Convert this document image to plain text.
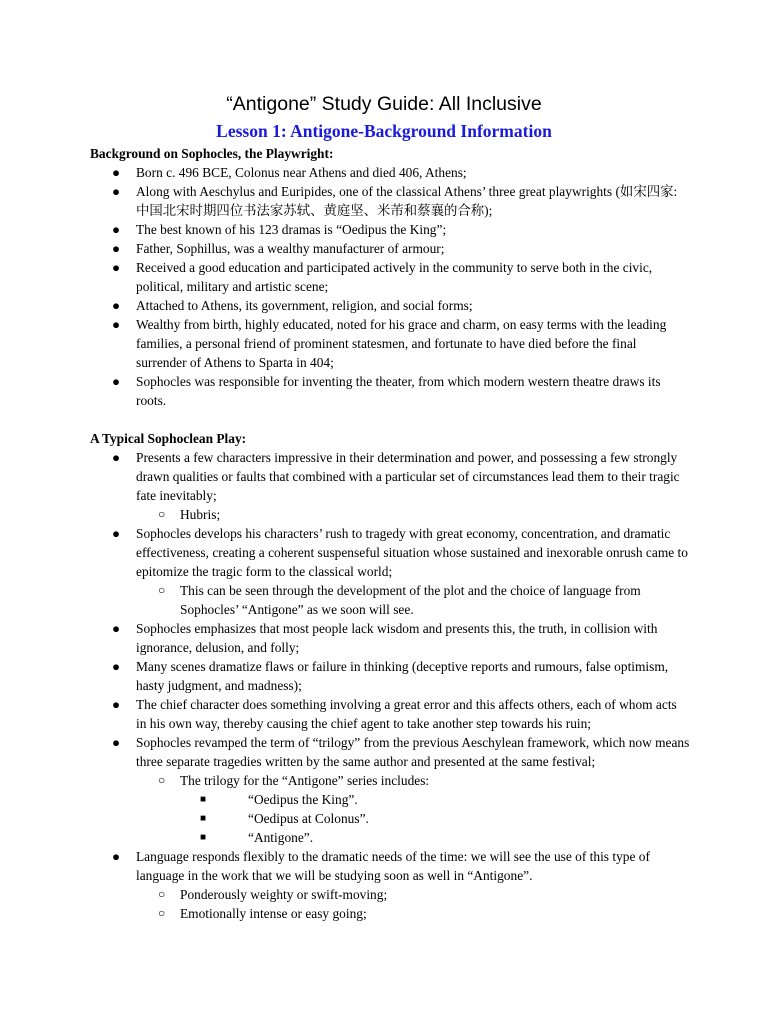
“Antigone” Study Guide: All Inclusive
Lesson 1: Antigone-Background Information
Background on Sophocles, the Playwright:
● Born c. 496 BCE, Colonus near Athens and died 406, Athens;
● Along with Aeschylus and Euripides, one of the classical Athens’ three great playwrights (如宋四家:中国北宋时期四位书法家苏轼、黄庭坚、米芾和蔡襄的合称);
● The best known of his 123 dramas is “Oedipus the King”;
● Father, Sophillus, was a wealthy manufacturer of armour;
● Received a good education and participated actively in the community to serve both in the civic, political, military and artistic scene;
● Attached to Athens, its government, religion, and social forms;
● Wealthy from birth, highly educated, noted for his grace and charm, on easy terms with the leading families, a personal friend of prominent statesmen, and fortunate to have died before the final surrender of Athens to Sparta in 404;
● Sophocles was responsible for inventing the theater, from which modern western theatre draws its roots.
A Typical Sophoclean Play:
● Presents a few characters impressive in their determination and power, and possessing a few strongly drawn qualities or faults that combined with a particular set of circumstances lead them to their tragic fate inevitably;
○ Hubris;
● Sophocles develops his characters’ rush to tragedy with great economy, concentration, and dramatic effectiveness, creating a coherent suspenseful situation whose sustained and inexorable onrush came to epitomize the tragic form to the classical world;
○ This can be seen through the development of the plot and the choice of language from Sophocles’ “Antigone” as we soon will see.
● Sophocles emphasizes that most people lack wisdom and presents this, the truth, in collision with ignorance, delusion, and folly;
● Many scenes dramatize flaws or failure in thinking (deceptive reports and rumours, false optimism, hasty judgment, and madness);
● The chief character does something involving a great error and this affects others, each of whom acts in his own way, thereby causing the chief agent to take another step towards his ruin;
● Sophocles revamped the term of “trilogy” from the previous Aeschylean framework, which now means three separate tragedies written by the same author and presented at the same festival;
○ The trilogy for the “Antigone” series includes:
■	“Oedipus the King”.
■	“Oedipus at Colonus”.
■	“Antigone”.
● Language responds flexibly to the dramatic needs of the time: we will see the use of this type of language in the work that we will be studying soon as well in “Antigone”.
○ Ponderously weighty or swift-moving;
○ Emotionally intense or easy going;
